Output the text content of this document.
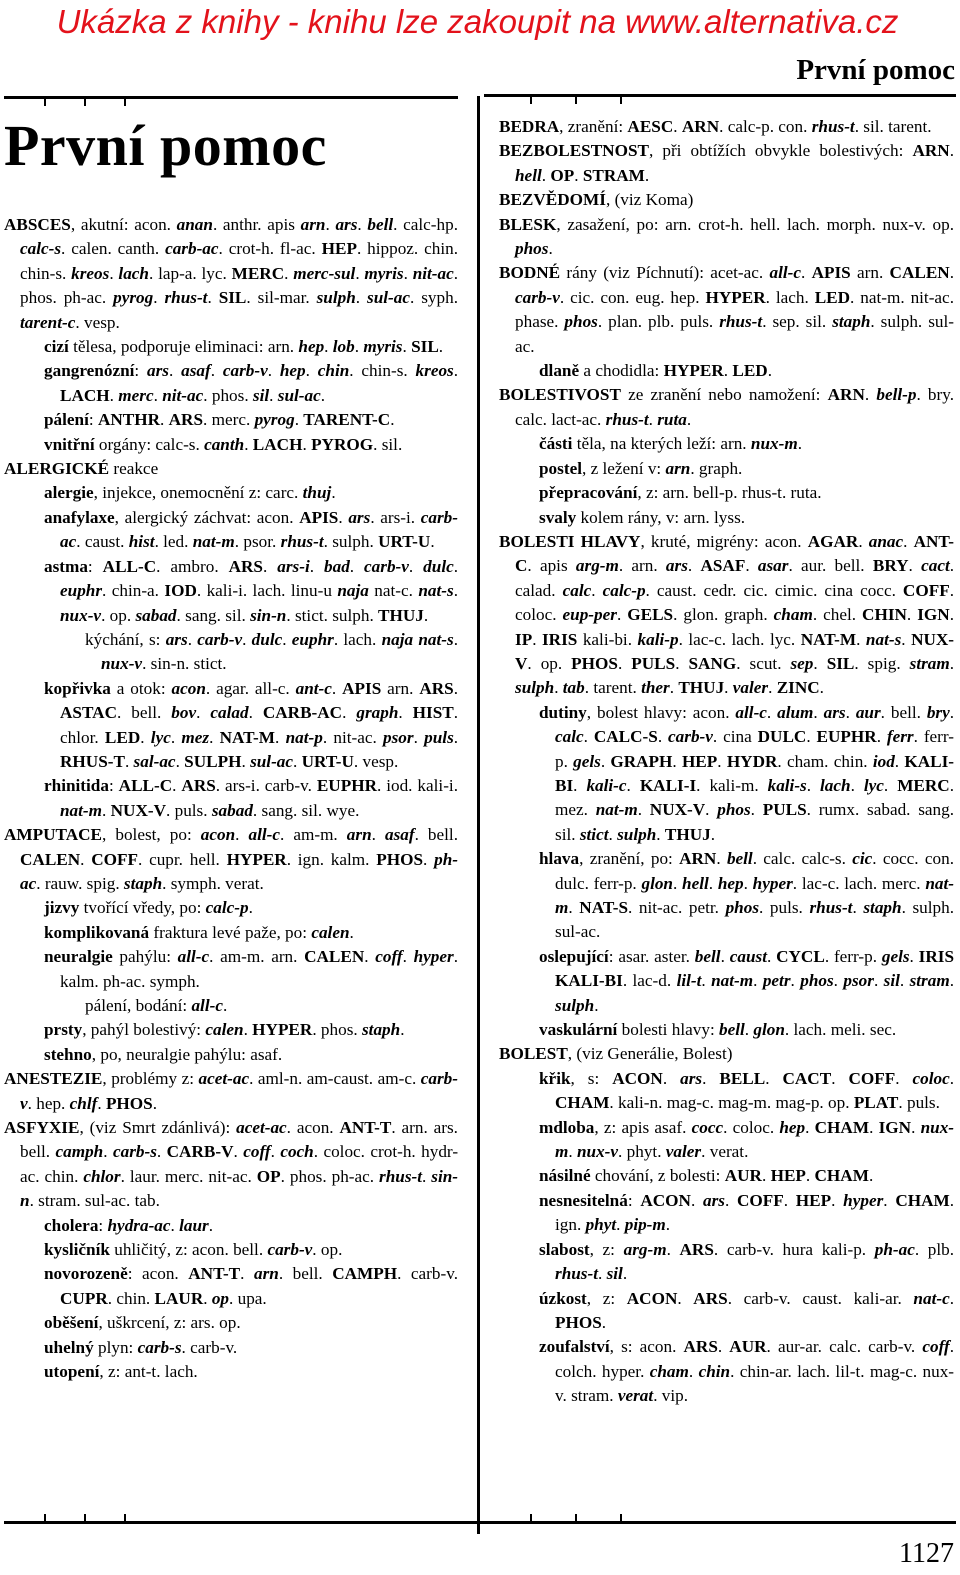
Ukázka z knihy - knihu lze zakoupit na www.alternativa.cz
První pomoc
První pomoc

ABSCES, akutní: acon. anan. anthr. apis arn. ars. bell. calc-hp. calc-s. calen. canth. carb-ac. crot-h. fl-ac. HEP. hippoz. chin. chin-s. kreos. lach. lap-a. lyc. MERC. merc-sul. myris. nit-ac. phos. ph-ac. pyrog. rhus-t. SIL. sil-mar. sulph. sul-ac. syph. tarent-c. vesp.

cizí tělesa, podporuje eliminaci: arn. hep. lob. myris. SIL.

gangrenózní: ars. asaf. carb-v. hep. chin. chin-s. kreos. LACH. merc. nit-ac. phos. sil. sul-ac.

pálení: ANTHR. ARS. merc. pyrog. TARENT-C.

vnitřní orgány: calc-s. canth. LACH. PYROG. sil.

ALERGICKÉ reakce

alergie, injekce, onemocnění z: carc. thuj.

anafylaxe, alergický záchvat: acon. APIS. ars. ars-i. carb-ac. caust. hist. led. nat-m. psor. rhus-t. sulph. URT-U.

astma: ALL-C. ambro. ARS. ars-i. bad. carb-v. dulc. euphr. chin-a. IOD. kali-i. lach. linu-u naja nat-c. nat-s. nux-v. op. sabad. sang. sil. sin-n. stict. sulph. THUJ.

kýchání, s: ars. carb-v. dulc. euphr. lach. naja nat-s. nux-v. sin-n. stict.

kopřivka a otok: acon. agar. all-c. ant-c. APIS arn. ARS. ASTAC. bell. bov. calad. CARB-AC. graph. HIST. chlor. LED. lyc. mez. NAT-M. nat-p. nit-ac. psor. puls. RHUS-T. sal-ac. SULPH. sul-ac. URT-U. vesp.

rhinitida: ALL-C. ARS. ars-i. carb-v. EUPHR. iod. kali-i. nat-m. NUX-V. puls. sabad. sang. sil. wye.

AMPUTACE, bolest, po: acon. all-c. am-m. arn. asaf. bell. CALEN. COFF. cupr. hell. HYPER. ign. kalm. PHOS. ph-ac. rauw. spig. staph. symph. verat.

jizvy tvořící vředy, po: calc-p.

komplikovaná fraktura levé paže, po: calen.

neuralgie pahýlu: all-c. am-m. arn. CALEN. coff. hyper. kalm. ph-ac. symph.

pálení, bodání: all-c.

prsty, pahýl bolestivý: calen. HYPER. phos. staph.

stehno, po, neuralgie pahýlu: asaf.

ANESTEZIE, problémy z: acet-ac. aml-n. am-caust. am-c. carb-v. hep. chlf. PHOS.

ASFYXIE, (viz Smrt zdánlivá): acet-ac. acon. ANT-T. arn. ars. bell. camph. carb-s. CARB-V. coff. coch. coloc. crot-h. hydr-ac. chin. chlor. laur. merc. nit-ac. OP. phos. ph-ac. rhus-t. sin-n. stram. sul-ac. tab.

cholera: hydra-ac. laur.

kysličník uhličitý, z: acon. bell. carb-v. op.

novorozeně: acon. ANT-T. arn. bell. CAMPH. carb-v. CUPR. chin. LAUR. op. upa.

oběšení, uškrcení, z: ars. op.

uhelný plyn: carb-s. carb-v.

utopení, z: ant-t. lach.

BEDRA, zranění: AESC. ARN. calc-p. con. rhus-t. sil. tarent.

BEZBOLESTNOST, při obtížích obvykle bolestivých: ARN. hell. OP. STRAM.

BEZVĚDOMÍ, (viz Koma)

BLESK, zasažení, po: arn. crot-h. hell. lach. morph. nux-v. op. phos.

BODNÉ rány (viz Píchnutí): acet-ac. all-c. APIS arn. CALEN. carb-v. cic. con. eug. hep. HYPER. lach. LED. nat-m. nit-ac. phase. phos. plan. plb. puls. rhus-t. sep. sil. staph. sulph. sul-ac.

dlaně a chodidla: HYPER. LED.

BOLESTIVOST ze zranění nebo namožení: ARN. bell-p. bry. calc. lact-ac. rhus-t. ruta.

části těla, na kterých leží: arn. nux-m.

postel, z ležení v: arn. graph.

přepracování, z: arn. bell-p. rhus-t. ruta.

svaly kolem rány, v: arn. lyss.

BOLESTI HLAVY, kruté, migrény: acon. AGAR. anac. ANT-C. apis arg-m. arn. ars. ASAF. asar. aur. bell. BRY. cact. calad. calc. calc-p. caust. cedr. cic. cimic. cina cocc. COFF. coloc. eup-per. GELS. glon. graph. cham. chel. CHIN. IGN. IP. IRIS kali-bi. kali-p. lac-c. lach. lyc. NAT-M. nat-s. NUX-V. op. PHOS. PULS. SANG. scut. sep. SIL. spig. stram. sulph. tab. tarent. ther. THUJ. valer. ZINC.

dutiny, bolest hlavy: acon. all-c. alum. ars. aur. bell. bry. calc. CALC-S. carb-v. cina DULC. EUPHR. ferr. ferr-p. gels. GRAPH. HEP. HYDR. cham. chin. iod. KALI-BI. kali-c. KALI-I. kali-m. kali-s. lach. lyc. MERC. mez. nat-m. NUX-V. phos. PULS. rumx. sabad. sang. sil. stict. sulph. THUJ.

hlava, zranění, po: ARN. bell. calc. calc-s. cic. cocc. con. dulc. ferr-p. glon. hell. hep. hyper. lac-c. lach. merc. nat-m. NAT-S. nit-ac. petr. phos. puls. rhus-t. staph. sulph. sul-ac.

oslepující: asar. aster. bell. caust. CYCL. ferr-p. gels. IRIS KALI-BI. lac-d. lil-t. nat-m. petr. phos. psor. sil. stram. sulph.

vaskulární bolesti hlavy: bell. glon. lach. meli. sec.

BOLEST, (viz Generálie, Bolest)

křik, s: ACON. ars. BELL. CACT. COFF. coloc. CHAM. kali-n. mag-c. mag-m. mag-p. op. PLAT. puls.

mdloba, z: apis asaf. cocc. coloc. hep. CHAM. IGN. nux-m. nux-v. phyt. valer. verat.

násilné chování, z bolesti: AUR. HEP. CHAM.

nesnesitelná: ACON. ars. COFF. HEP. hyper. CHAM. ign. phyt. pip-m.

slabost, z: arg-m. ARS. carb-v. hura kali-p. ph-ac. plb. rhus-t. sil.

úzkost, z: ACON. ARS. carb-v. caust. kali-ar. nat-c. PHOS.

zoufalství, s: acon. ARS. AUR. aur-ar. calc. carb-v. coff. colch. hyper. cham. chin. chin-ar. lach. lil-t. mag-c. nux-v. stram. verat. vip.

1127
